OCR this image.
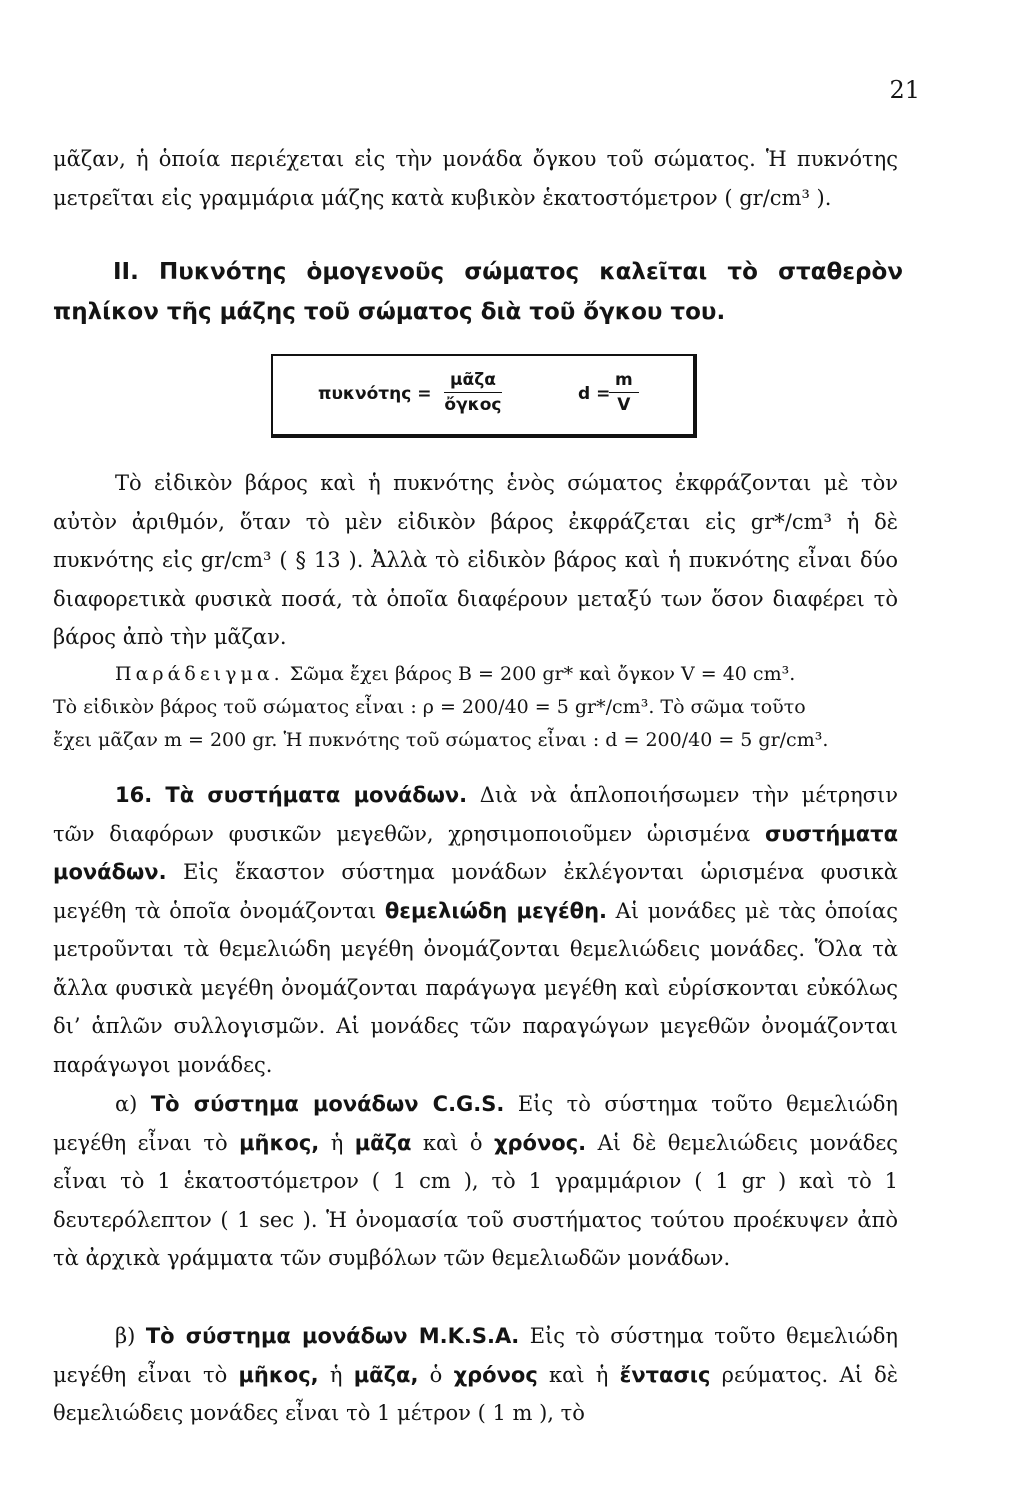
21

μᾶζαν, ἡ ὁποία περιέχεται εἰς τὴν μονάδα ὄγκου τοῦ σώματος. Ἡ πυκνότης μετρεῖται εἰς γραμμάρια μάζης κατὰ κυβικὸν ἑκατοστόμετρον ( gr/cm³ ).

II. Πυκνότης ὁμογενοῦς σώματος καλεῖται τὸ σταθερὸν πηλίκον τῆς μάζης τοῦ σώματος διὰ τοῦ ὄγκου του.
πυκνότης =
μᾶζα
ὄγκος
d =
$\frac{m}{V}$

Τὸ εἰδικὸν βάρος καὶ ἡ πυκνότης ἑνὸς σώματος ἐκφράζονται μὲ τὸν αὐτὸν ἀριθμόν, ὅταν τὸ μὲν εἰδικὸν βάρος ἐκφράζεται εἰς gr*/cm³ ἡ δὲ πυκνότης εἰς gr/cm³ ( § 13 ). Ἀλλὰ τὸ εἰδικὸν βάρος καὶ ἡ πυκνότης εἶναι δύο διαφορετικὰ φυσικὰ ποσά, τὰ ὁποῖα διαφέρουν μεταξύ των ὅσον διαφέρει τὸ βάρος ἀπὸ τὴν μᾶζαν.

Παράδειγμα. Σῶμα ἔχει βάρος Β = 200 gr* καὶ ὄγκον V = 40 cm³.

Τὸ εἰδικὸν βάρος τοῦ σώματος εἶναι : ρ = 200/40 = 5 gr*/cm³. Τὸ σῶμα τοῦτο

ἔχει μᾶζαν m = 200 gr. Ἡ πυκνότης τοῦ σώματος εἶναι : d = 200/40 = 5 gr/cm³.

16. Τὰ συστήματα μονάδων. Διὰ νὰ ἁπλοποιήσωμεν τὴν μέτρησιν τῶν διαφόρων φυσικῶν μεγεθῶν, χρησιμοποιοῦμεν ὡρισμένα συστήματα μονάδων. Εἰς ἕκαστον σύστημα μονάδων ἐκλέγονται ὡρισμένα φυσικὰ μεγέθη τὰ ὁποῖα ὀνομάζονται θεμελιώδη μεγέθη. Αἱ μονάδες μὲ τὰς ὁποίας μετροῦνται τὰ θεμελιώδη μεγέθη ὀνομάζονται θεμελιώδεις μονάδες. Ὅλα τὰ ἄλλα φυσικὰ μεγέθη ὀνομάζονται παράγωγα μεγέθη καὶ εὑρίσκονται εὐκόλως δι’ ἁπλῶν συλλογισμῶν. Αἱ μονάδες τῶν παραγώγων μεγεθῶν ὀνομάζονται παράγωγοι μονάδες.

α) Τὸ σύστημα μονάδων C.G.S. Εἰς τὸ σύστημα τοῦτο θεμελιώδη μεγέθη εἶναι τὸ μῆκος, ἡ μᾶζα καὶ ὁ χρόνος. Αἱ δὲ θεμελιώδεις μονάδες εἶναι τὸ 1 ἑκατοστόμετρον ( 1 cm ), τὸ 1 γραμμάριον ( 1 gr ) καὶ τὸ 1 δευτερόλεπτον ( 1 sec ). Ἡ ὀνομασία τοῦ συστήματος τούτου προέκυψεν ἀπὸ τὰ ἀρχικὰ γράμματα τῶν συμβόλων τῶν θεμελιωδῶν μονάδων.

β) Τὸ σύστημα μονάδων Μ.Κ.S.Α. Εἰς τὸ σύστημα τοῦτο θεμελιώδη μεγέθη εἶναι τὸ μῆκος, ἡ μᾶζα, ὁ χρόνος καὶ ἡ ἔντασις ρεύματος. Αἱ δὲ θεμελιώδεις μονάδες εἶναι τὸ 1 μέτρον ( 1 m ), τὸ
